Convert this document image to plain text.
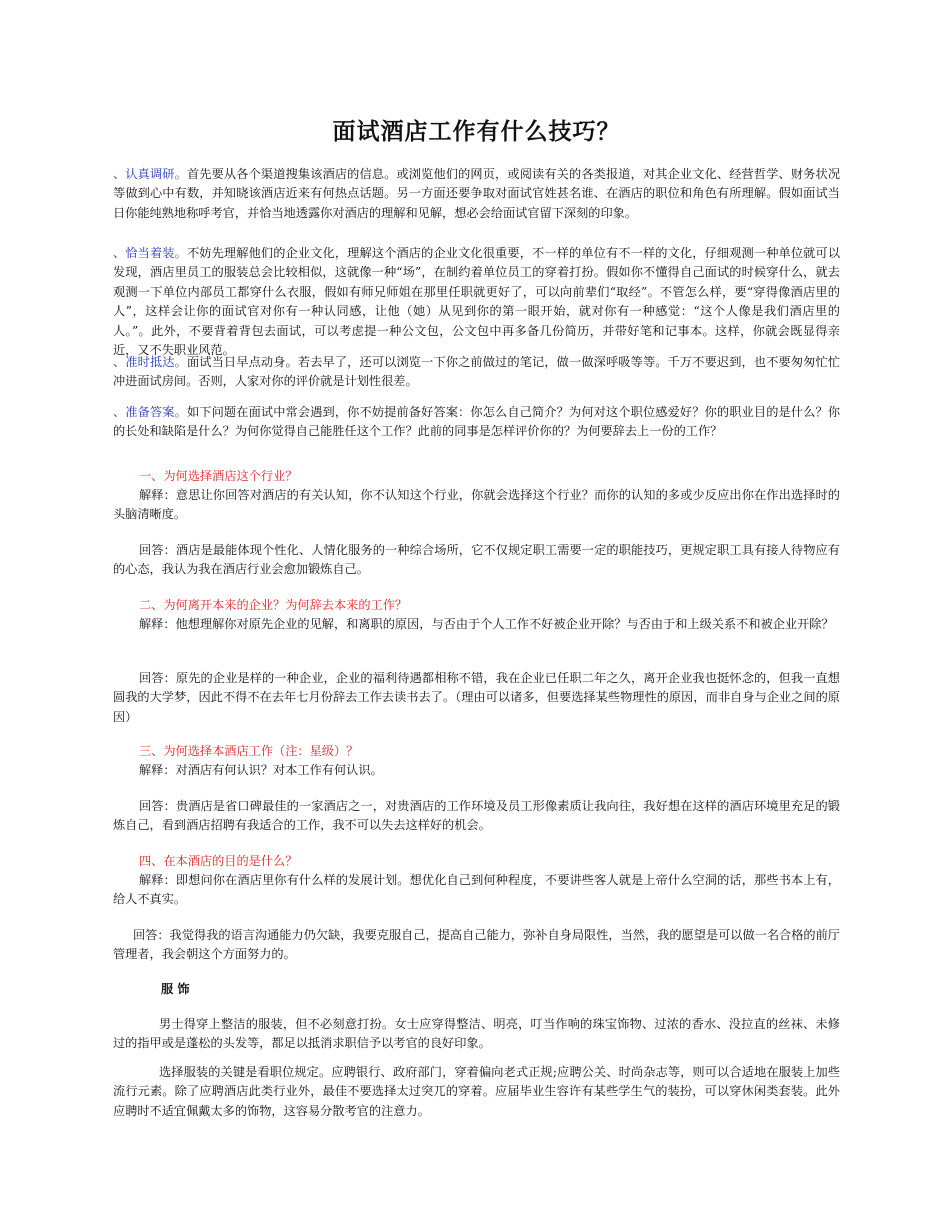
面试酒店工作有什么技巧？

、认真调研。首先要从各个渠道搜集该酒店的信息。或浏览他们的网页，或阅读有关的各类报道，对其企业文化、经营哲学、财务状况等做到心中有数，并知晓该酒店近来有何热点话题。另一方面还要争取对面试官姓甚名谁、在酒店的职位和角色有所理解。假如面试当日你能纯熟地称呼考官，并恰当地透露你对酒店的理解和见解，想必会给面试官留下深刻的印象。

、恰当着装。不妨先理解他们的企业文化，理解这个酒店的企业文化很重要，不一样的单位有不一样的文化，仔细观测一种单位就可以发现，酒店里员工的服装总会比较相似，这就像一种“场”，在制约着单位员工的穿着打扮。假如你不懂得自己面试的时候穿什么，就去观测一下单位内部员工都穿什么衣服，假如有师兄师姐在那里任职就更好了，可以向前辈们“取经”。不管怎么样，要“穿得像酒店里的人”，这样会让你的面试官对你有一种认同感，让他（她）从见到你的第一眼开始，就对你有一种感觉：“这个人像是我们酒店里的人。”。此外，不要背着背包去面试，可以考虑提一种公文包，公文包中再多备几份简历，并带好笔和记事本。这样，你就会既显得亲近，又不失职业风范。

、准时抵达。面试当日早点动身。若去早了，还可以浏览一下你之前做过的笔记，做一做深呼吸等等。千万不要迟到，也不要匆匆忙忙冲进面试房间。否则，人家对你的评价就是计划性很差。

、准备答案。如下问题在面试中常会遇到，你不妨提前备好答案：你怎么自己简介？为何对这个职位感爱好？你的职业目的是什么？你的长处和缺陷是什么？为何你觉得自己能胜任这个工作？此前的同事是怎样评价你的？为何要辞去上一份的工作？

一、为何选择酒店这个行业？

解释：意思让你回答对酒店的有关认知，你不认知这个行业，你就会选择这个行业？而你的认知的多或少反应出你在作出选择时的头脑清晰度。

回答：酒店是最能体现个性化、人情化服务的一种综合场所，它不仅规定职工需要一定的职能技巧，更规定职工具有接人待物应有的心态，我认为我在酒店行业会愈加锻炼自己。

二、为何离开本来的企业？为何辞去本来的工作？

解释：他想理解你对原先企业的见解，和离职的原因，与否由于个人工作不好被企业开除？与否由于和上级关系不和被企业开除？

回答：原先的企业是样的一种企业，企业的福利待遇都相称不错，我在企业已任职二年之久，离开企业我也挺怀念的，但我一直想圆我的大学梦，因此不得不在去年七月份辞去工作去读书去了。（理由可以诸多，但要选择某些物理性的原因，而非自身与企业之间的原因）

三、为何选择本酒店工作（注：星级）？

解释：对酒店有何认识？对本工作有何认识。

回答：贵酒店是省口碑最佳的一家酒店之一，对贵酒店的工作环境及员工形像素质让我向往，我好想在这样的酒店环境里充足的锻炼自己，看到酒店招聘有我适合的工作，我不可以失去这样好的机会。

四、在本酒店的目的是什么？

解释：即想问你在酒店里你有什么样的发展计划。想优化自己到何种程度，不要讲些客人就是上帝什么空洞的话，那些书本上有，给人不真实。

回答：我觉得我的语言沟通能力仍欠缺，我要克服自己，提高自己能力，弥补自身局限性，当然，我的愿望是可以做一名合格的前厅管理者，我会朝这个方面努力的。

服 饰

男士得穿上整洁的服装，但不必刻意打扮。女士应穿得整洁、明亮，叮当作响的珠宝饰物、过浓的香水、没拉直的丝袜、未修过的指甲或是蓬松的头发等，都足以抵消求职信予以考官的良好印象。

选择服装的关键是看职位规定。应聘银行、政府部门，穿着偏向老式正规;应聘公关、时尚杂志等，则可以合适地在服装上加些流行元素。除了应聘酒店此类行业外，最佳不要选择太过突兀的穿着。应届毕业生容许有某些学生气的装扮，可以穿休闲类套装。此外应聘时不适宜佩戴太多的饰物，这容易分散考官的注意力。
